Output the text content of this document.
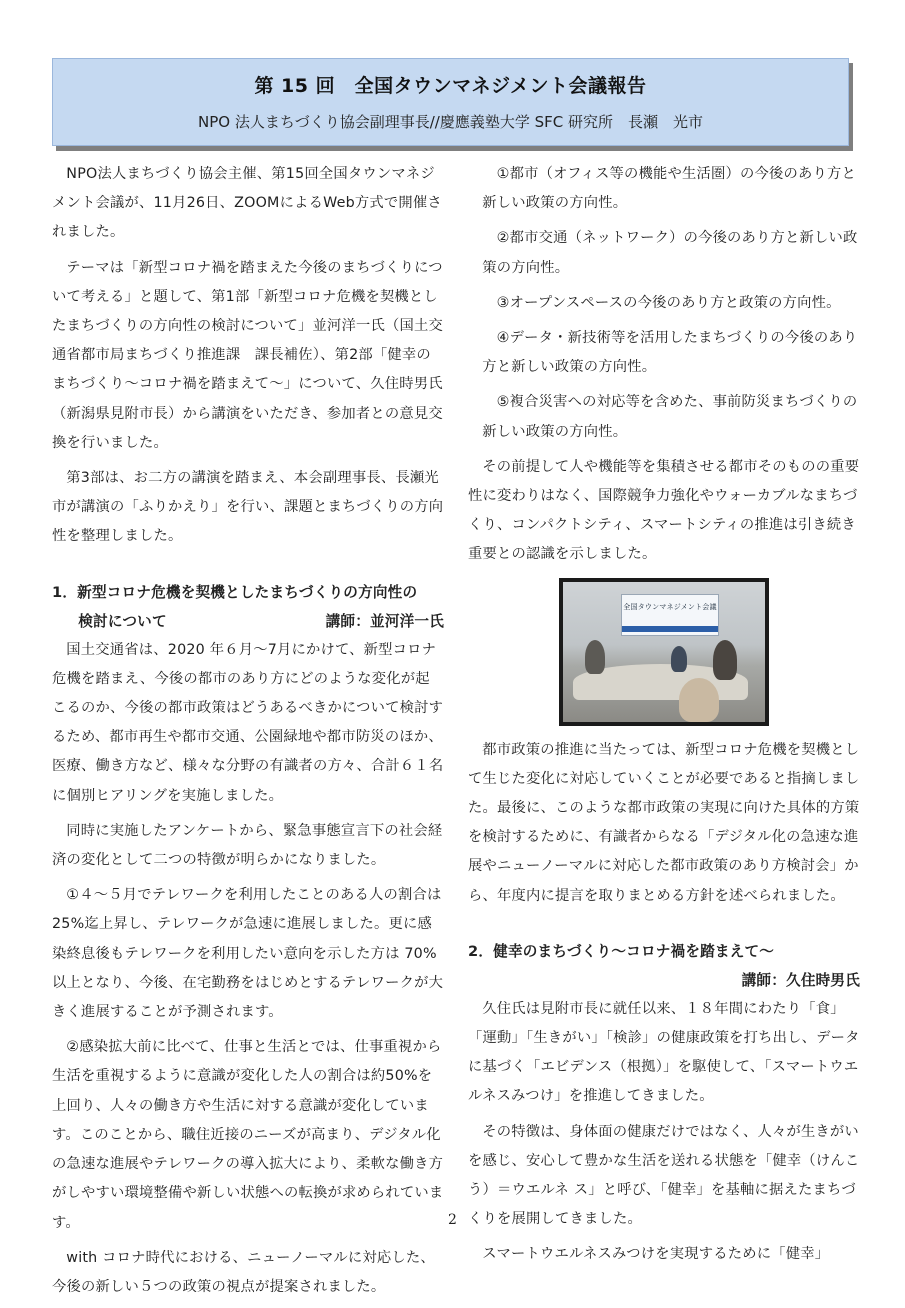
第 15 回　全国タウンマネジメント会議報告
NPO 法人まちづくり協会副理事長//慶應義塾大学 SFC 研究所　長瀬　光市

NPO法人まちづくり協会主催、第15回全国タウンマネジメント会議が、11月26日、ZOOMによるWeb方式で開催されました。

テーマは「新型コロナ禍を踏まえた今後のまちづくりについて考える」と題して、第1部「新型コロナ危機を契機としたまちづくりの方向性の検討について」並河洋一氏（国土交通省都市局まちづくり推進課　課長補佐）、第2部「健幸のまちづくり～コロナ禍を踏まえて～」について、久住時男氏（新潟県見附市長）から講演をいただき、参加者との意見交換を行いました。

第3部は、お二方の講演を踏まえ、本会副理事長、長瀬光市が講演の「ふりかえり」を行い、課題とまちづくりの方向性を整理しました。

1．新型コロナ危機を契機としたまちづくりの方向性の
検討について	講師：並河洋一氏

国土交通省は、2020 年６月～7月にかけて、新型コロナ危機を踏まえ、今後の都市のあり方にどのような変化が起こるのか、今後の都市政策はどうあるべきかについて検討するため、都市再生や都市交通、公園緑地や都市防災のほか、医療、働き方など、様々な分野の有識者の方々、合計６１名に個別ヒアリングを実施しました。

同時に実施したアンケートから、緊急事態宣言下の社会経済の変化として二つの特徴が明らかになりました。

①４～５月でテレワークを利用したことのある人の割合は 25%迄上昇し、テレワークが急速に進展しました。更に感染終息後もテレワークを利用したい意向を示した方は 70%以上となり、今後、在宅勤務をはじめとするテレワークが大きく進展することが予測されます。

②感染拡大前に比べて、仕事と生活とでは、仕事重視から生活を重視するように意識が変化した人の割合は約50%を上回り、人々の働き方や生活に対する意識が変化しています。このことから、職住近接のニーズが高まり、デジタル化の急速な進展やテレワークの導入拡大により、柔軟な働き方がしやすい環境整備や新しい状態への転換が求められています。

with コロナ時代における、ニューノーマルに対応した、今後の新しい５つの政策の視点が提案されました。

①都市（オフィス等の機能や生活圏）の今後のあり方と新しい政策の方向性。

②都市交通（ネットワーク）の今後のあり方と新しい政策の方向性。

③オープンスペースの今後のあり方と政策の方向性。

④データ・新技術等を活用したまちづくりの今後のあり方と新しい政策の方向性。

⑤複合災害への対応等を含めた、事前防災まちづくりの新しい政策の方向性。

その前提して人や機能等を集積させる都市そのものの重要性に変わりはなく、国際競争力強化やウォーカブルなまちづくり、コンパクトシティ、スマートシティの推進は引き続き重要との認識を示しました。

全国タウンマネジメント会議

都市政策の推進に当たっては、新型コロナ危機を契機として生じた変化に対応していくことが必要であると指摘しました。最後に、このような都市政策の実現に向けた具体的方策を検討するために、有識者からなる「デジタル化の急速な進展やニューノーマルに対応した都市政策のあり方検討会」から、年度内に提言を取りまとめる方針を述べられました。

2．健幸のまちづくり～コロナ禍を踏まえて～
講師：久住時男氏

久住氏は見附市長に就任以来、１８年間にわたり「食」「運動」「生きがい」「検診」の健康政策を打ち出し、データに基づく「エビデンス（根拠）」を駆使して、「スマートウエルネスみつけ」を推進してきました。

その特徴は、身体面の健康だけではなく、人々が生きがいを感じ、安心して豊かな生活を送れる状態を「健幸（けんこう）＝ウエルネ ス」と呼び、「健幸」を基軸に据えたまちづくりを展開してきました。

スマートウエルネスみつけを実現するために「健幸」

2
